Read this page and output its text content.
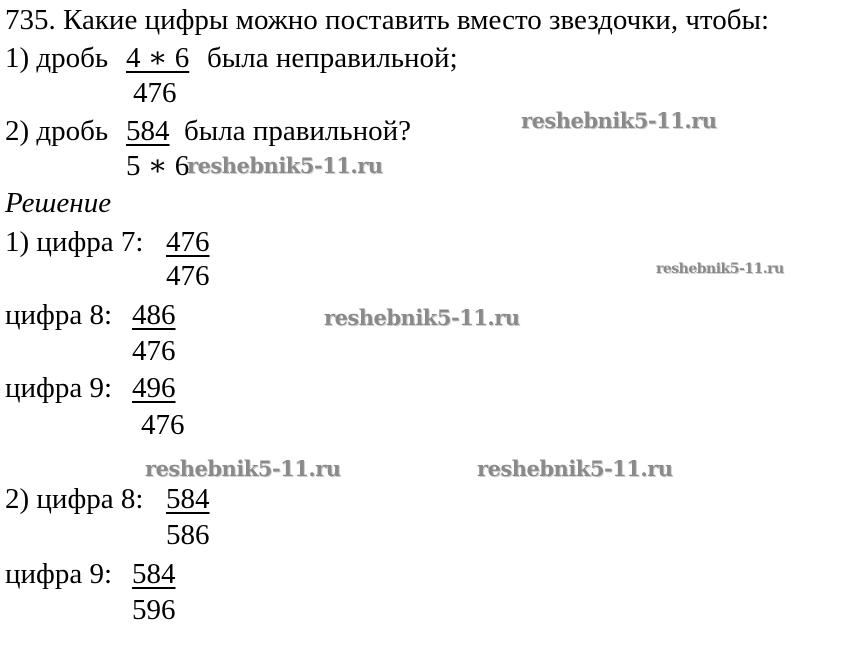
735. Какие цифры можно поставить вместо звездочки, чтобы:
1) дробь 4 ∗ 6 была неправильной;
476
2) дробь 584 была правильной?
5 ∗ 6
Решение
1) цифра 7: 476
476
цифра 8: 486
476
цифра 9: 496
476
2) цифра 8: 584
586
цифра 9: 584
596
reshebnik5-11.ru
reshebnik5-11.ru
reshebnik5-11.ru
reshebnik5-11.ru
reshebnik5-11.ru	reshebnik5-11.ru
